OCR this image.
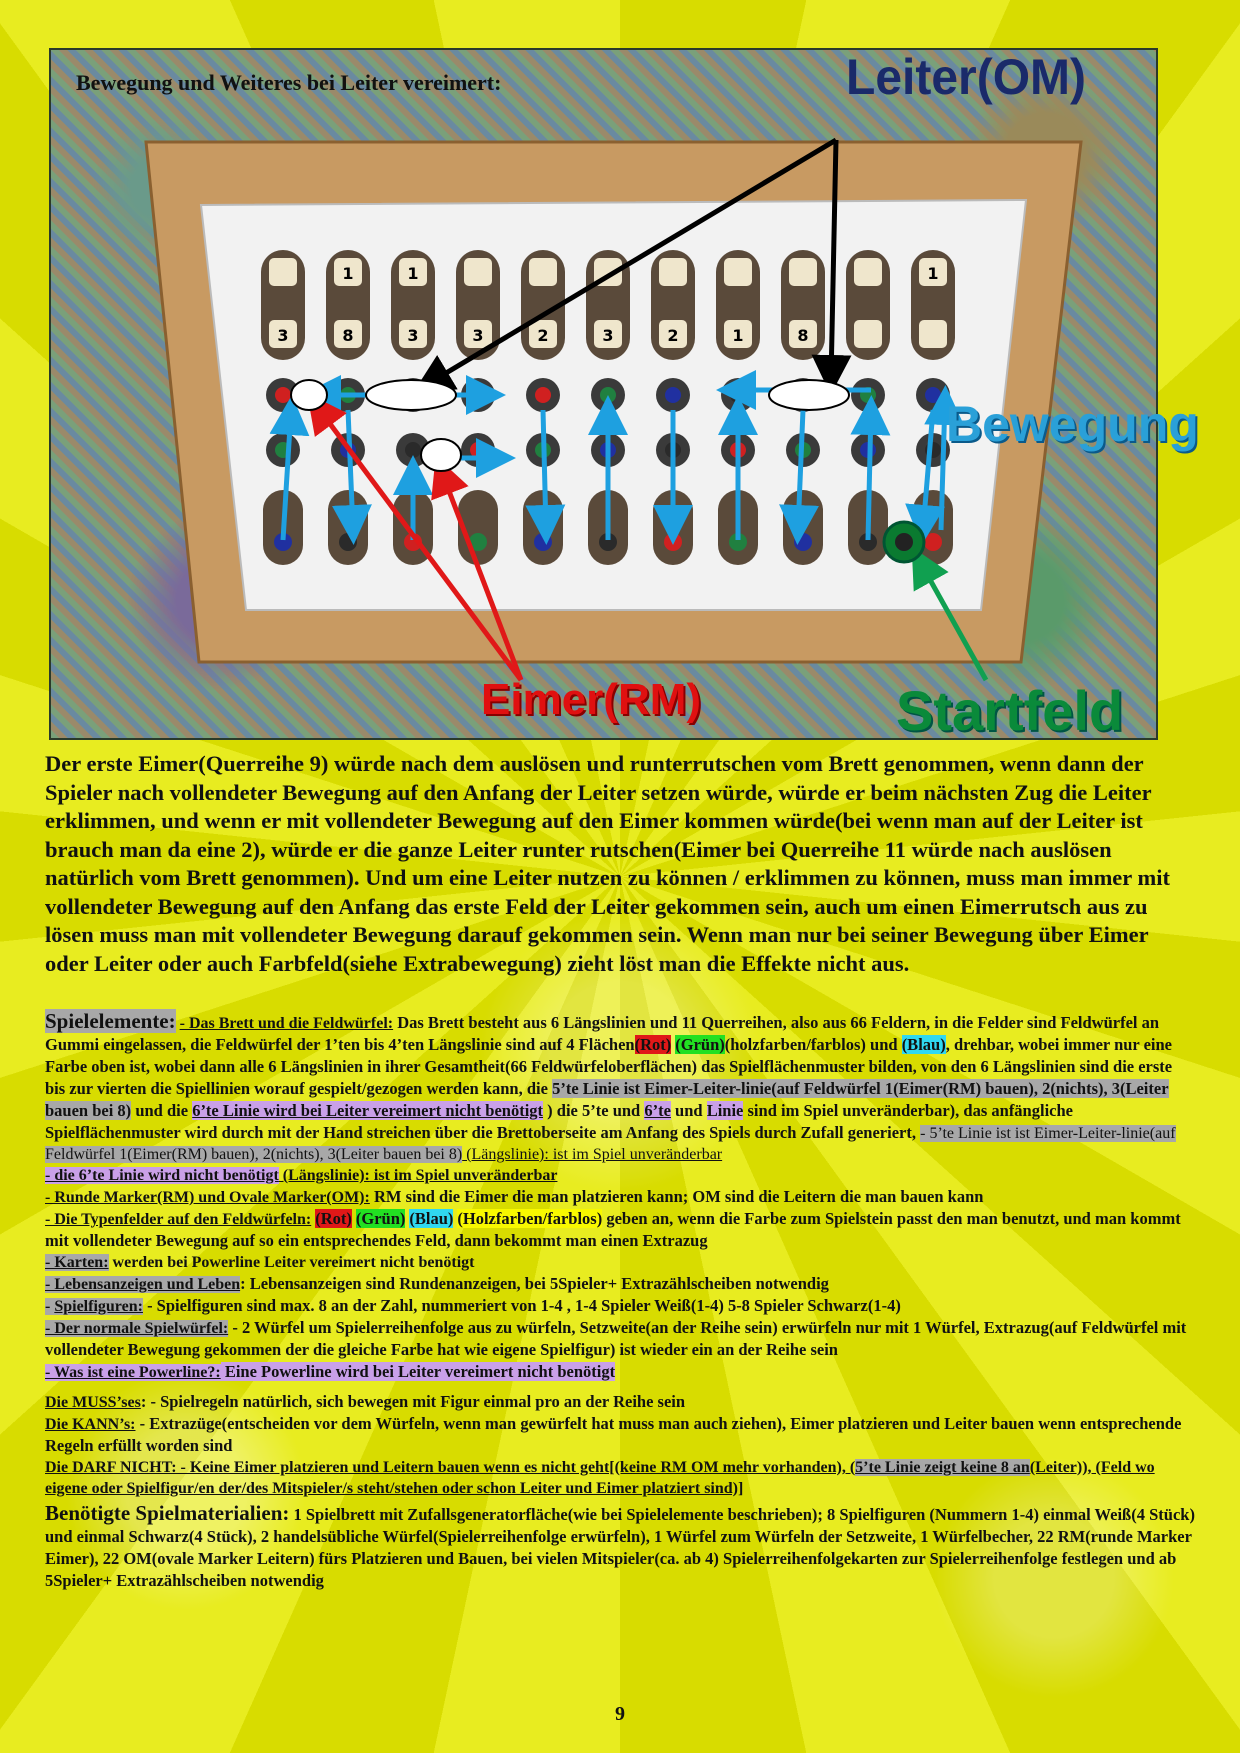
3
1
8
1
3	3	2	3	2	1	8
1
Bewegung und Weiteres bei Leiter vereimert:	Leiter(OM)
Bewegung
Eimer(RM)	Startfeld
Der erste Eimer(Querreihe 9) würde nach dem auslösen und runterrutschen vom Brett genommen, wenn dann der Spieler nach vollendeter Bewegung auf den Anfang der Leiter setzen würde, würde er beim nächsten Zug die Leiter erklimmen, und wenn er mit vollendeter Bewegung auf den Eimer kommen würde(bei wenn man auf der Leiter ist brauch man da eine 2), würde er die ganze Leiter runter rutschen(Eimer bei Querreihe 11 würde nach auslösen natürlich vom Brett genommen). Und um eine Leiter nutzen zu können / erklimmen zu können, muss man immer mit vollendeter Bewegung auf den Anfang das erste Feld der Leiter gekommen sein, auch um einen Eimerrutsch aus zu lösen muss man mit vollendeter Bewegung darauf gekommen sein. Wenn man nur bei seiner Bewegung über Eimer oder Leiter oder auch Farbfeld(siehe Extrabewegung) zieht löst man die Effekte nicht aus.

Spielelemente: - Das Brett und die Feldwürfel: Das Brett besteht aus 6 Längslinien und 11 Querreihen, also aus 66 Feldern, in die Felder sind Feldwürfel an Gummi eingelassen, die Feldwürfel der 1’ten bis 4’ten Längslinie sind auf 4 Flächen(Rot) (Grün)(holzfarben/farblos) und (Blau), drehbar, wobei immer nur eine Farbe oben ist, wobei dann alle 6 Längslinien in ihrer Gesamtheit(66 Feldwürfeloberflächen) das Spielflächenmuster bilden, von den 6 Längslinien sind die erste bis zur vierten die Spiellinien worauf gespielt/gezogen werden kann, die 5’te Linie ist Eimer-Leiter-linie(auf Feldwürfel 1(Eimer(RM) bauen), 2(nichts), 3(Leiter bauen bei 8) und die 6’te Linie wird bei Leiter vereimert nicht benötigt ) die 5’te und 6’te und Linie sind im Spiel unveränderbar), das anfängliche Spielflächenmuster wird durch mit der Hand streichen über die Brettoberseite am Anfang des Spiels durch Zufall generiert, - 5’te Linie ist ist Eimer-Leiter-linie(auf Feldwürfel 1(Eimer(RM) bauen), 2(nichts), 3(Leiter bauen bei 8) (Längslinie): ist im Spiel unveränderbar

- die 6’te Linie wird nicht benötigt (Längslinie): ist im Spiel unveränderbar

- Runde Marker(RM) und Ovale Marker(OM): RM sind die Eimer die man platzieren kann; OM sind die Leitern die man bauen kann

- Die Typenfelder auf den Feldwürfeln: (Rot) (Grün) (Blau) (Holzfarben/farblos) geben an, wenn die Farbe zum Spielstein passt den man benutzt, und man kommt mit vollendeter Bewegung auf so ein entsprechendes Feld, dann bekommt man einen Extrazug

- Karten: werden bei Powerline Leiter vereimert nicht benötigt

- Lebensanzeigen und Leben: Lebensanzeigen sind Rundenanzeigen, bei 5Spieler+ Extrazählscheiben notwendig

- Spielfiguren: - Spielfiguren sind max. 8 an der Zahl, nummeriert von 1-4 , 1-4 Spieler Weiß(1-4) 5-8 Spieler Schwarz(1-4)

- Der normale Spielwürfel: - 2 Würfel um Spielerreihenfolge aus zu würfeln, Setzweite(an der Reihe sein) erwürfeln nur mit 1 Würfel, Extrazug(auf Feldwürfel mit vollendeter Bewegung gekommen der die gleiche Farbe hat wie eigene Spielfigur) ist wieder ein an der Reihe sein

- Was ist eine Powerline?: Eine Powerline wird bei Leiter vereimert nicht benötigt

Die MUSS’ses: - Spielregeln natürlich, sich bewegen mit Figur einmal pro an der Reihe sein

Die KANN’s: - Extrazüge(entscheiden vor dem Würfeln, wenn man gewürfelt hat muss man auch ziehen), Eimer platzieren und Leiter bauen wenn entsprechende Regeln erfüllt worden sind

Die DARF NICHT: - Keine Eimer platzieren und Leitern bauen wenn es nicht geht[(keine RM OM mehr vorhanden), (5’te Linie zeigt keine 8 an(Leiter)), (Feld wo eigene oder Spielfigur/en der/des Mitspieler/s steht/stehen oder schon Leiter und Eimer platziert sind)]

Benötigte Spielmaterialien: 1 Spielbrett mit Zufallsgeneratorfläche(wie bei Spielelemente beschrieben); 8 Spielfiguren (Nummern 1-4) einmal Weiß(4 Stück) und einmal Schwarz(4 Stück), 2 handelsübliche Würfel(Spielerreihenfolge erwürfeln), 1 Würfel zum Würfeln der Setzweite, 1 Würfelbecher, 22 RM(runde Marker Eimer), 22 OM(ovale Marker Leitern) fürs Platzieren und Bauen, bei vielen Mitspieler(ca. ab 4) Spielerreihenfolgekarten zur Spielerreihenfolge festlegen und ab 5Spieler+ Extrazählscheiben notwendig

9
